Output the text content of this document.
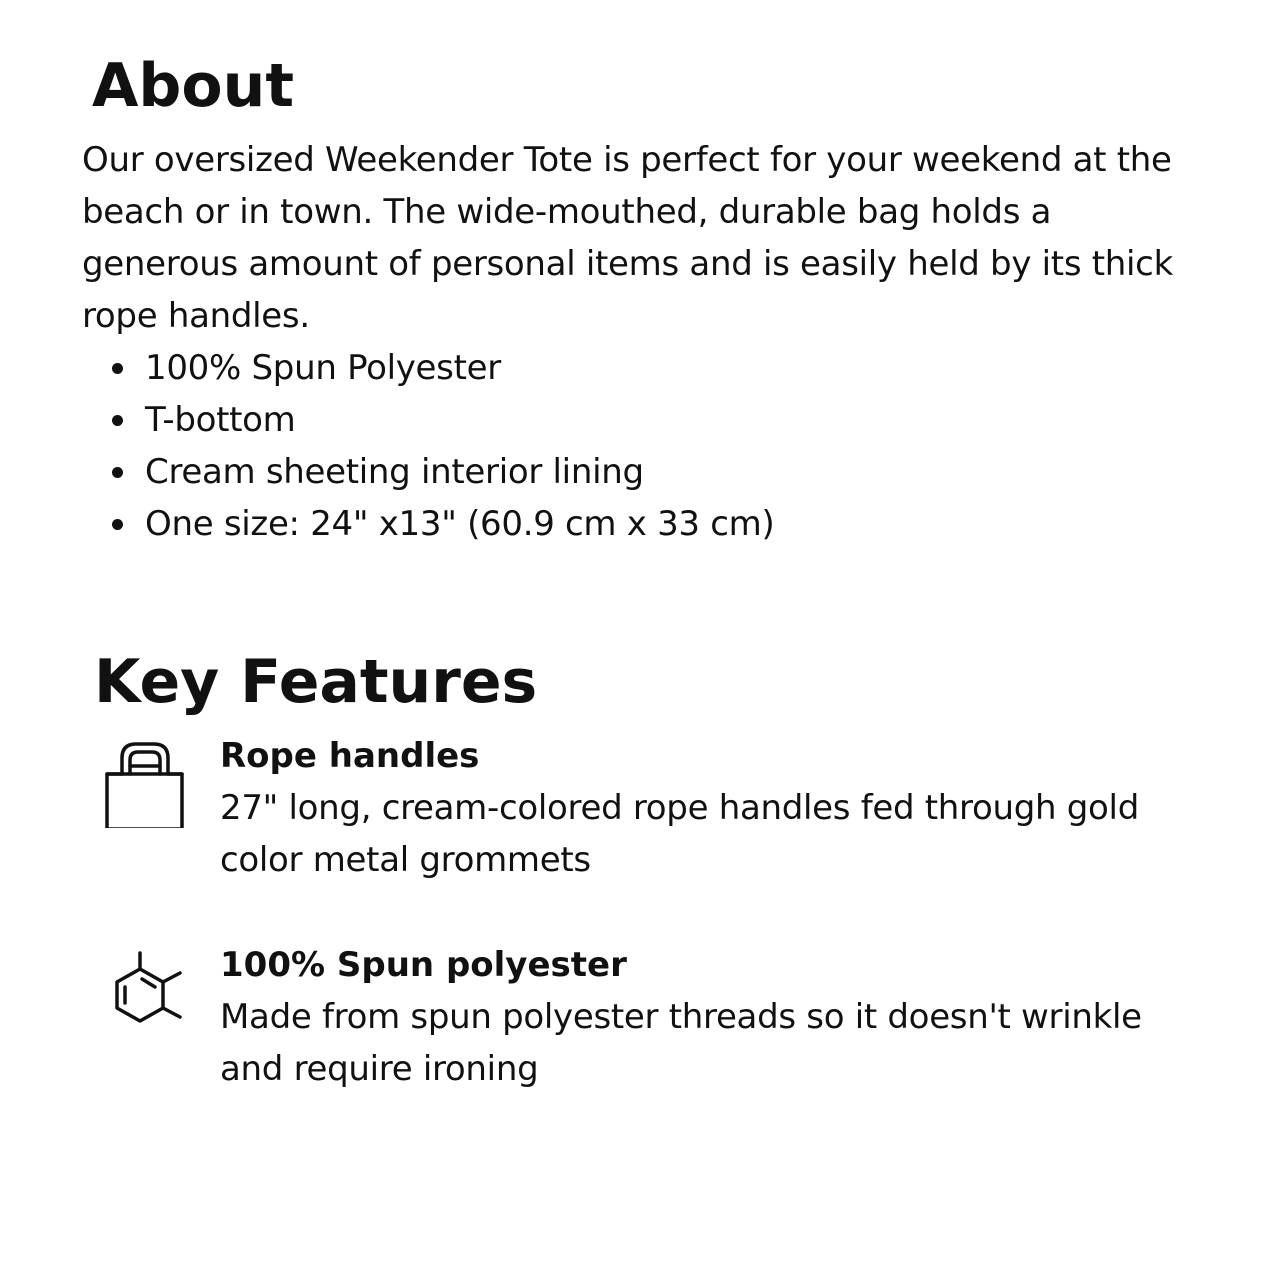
About

Our oversized Weekender Tote is perfect for your weekend at the beach or in town. The wide-mouthed, durable bag holds a generous amount of personal items and is easily held by its thick rope handles.

100% Spun Polyester
T-bottom
Cream sheeting interior lining
One size: 24" x13" (60.9 cm x 33 cm)
Key Features

Rope handles

27" long, cream-colored rope handles fed through gold color metal grommets

100% Spun polyester

Made from spun polyester threads so it doesn't wrinkle and require ironing
